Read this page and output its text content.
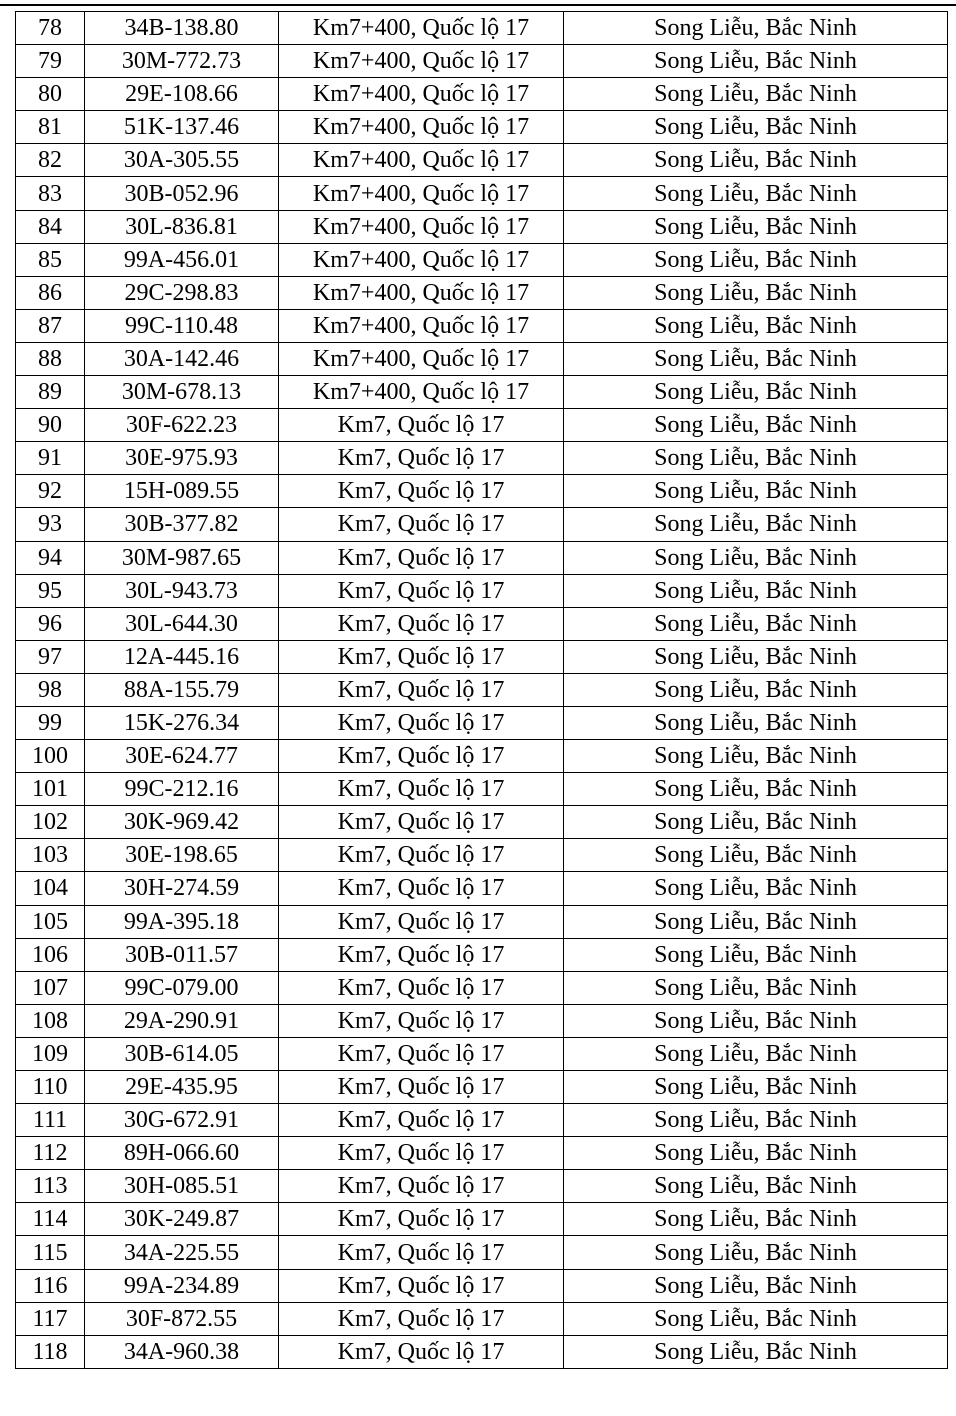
78	34B-138.80	Km7+400, Quốc lộ 17	Song Liễu, Bắc Ninh
79	30M-772.73	Km7+400, Quốc lộ 17	Song Liễu, Bắc Ninh
80	29E-108.66	Km7+400, Quốc lộ 17	Song Liễu, Bắc Ninh
81	51K-137.46	Km7+400, Quốc lộ 17	Song Liễu, Bắc Ninh
82	30A-305.55	Km7+400, Quốc lộ 17	Song Liễu, Bắc Ninh
83	30B-052.96	Km7+400, Quốc lộ 17	Song Liễu, Bắc Ninh
84	30L-836.81	Km7+400, Quốc lộ 17	Song Liễu, Bắc Ninh
85	99A-456.01	Km7+400, Quốc lộ 17	Song Liễu, Bắc Ninh
86	29C-298.83	Km7+400, Quốc lộ 17	Song Liễu, Bắc Ninh
87	99C-110.48	Km7+400, Quốc lộ 17	Song Liễu, Bắc Ninh
88	30A-142.46	Km7+400, Quốc lộ 17	Song Liễu, Bắc Ninh
89	30M-678.13	Km7+400, Quốc lộ 17	Song Liễu, Bắc Ninh
90	30F-622.23	Km7, Quốc lộ 17	Song Liễu, Bắc Ninh
91	30E-975.93	Km7, Quốc lộ 17	Song Liễu, Bắc Ninh
92	15H-089.55	Km7, Quốc lộ 17	Song Liễu, Bắc Ninh
93	30B-377.82	Km7, Quốc lộ 17	Song Liễu, Bắc Ninh
94	30M-987.65	Km7, Quốc lộ 17	Song Liễu, Bắc Ninh
95	30L-943.73	Km7, Quốc lộ 17	Song Liễu, Bắc Ninh
96	30L-644.30	Km7, Quốc lộ 17	Song Liễu, Bắc Ninh
97	12A-445.16	Km7, Quốc lộ 17	Song Liễu, Bắc Ninh
98	88A-155.79	Km7, Quốc lộ 17	Song Liễu, Bắc Ninh
99	15K-276.34	Km7, Quốc lộ 17	Song Liễu, Bắc Ninh
100	30E-624.77	Km7, Quốc lộ 17	Song Liễu, Bắc Ninh
101	99C-212.16	Km7, Quốc lộ 17	Song Liễu, Bắc Ninh
102	30K-969.42	Km7, Quốc lộ 17	Song Liễu, Bắc Ninh
103	30E-198.65	Km7, Quốc lộ 17	Song Liễu, Bắc Ninh
104	30H-274.59	Km7, Quốc lộ 17	Song Liễu, Bắc Ninh
105	99A-395.18	Km7, Quốc lộ 17	Song Liễu, Bắc Ninh
106	30B-011.57	Km7, Quốc lộ 17	Song Liễu, Bắc Ninh
107	99C-079.00	Km7, Quốc lộ 17	Song Liễu, Bắc Ninh
108	29A-290.91	Km7, Quốc lộ 17	Song Liễu, Bắc Ninh
109	30B-614.05	Km7, Quốc lộ 17	Song Liễu, Bắc Ninh
110	29E-435.95	Km7, Quốc lộ 17	Song Liễu, Bắc Ninh
111	30G-672.91	Km7, Quốc lộ 17	Song Liễu, Bắc Ninh
112	89H-066.60	Km7, Quốc lộ 17	Song Liễu, Bắc Ninh
113	30H-085.51	Km7, Quốc lộ 17	Song Liễu, Bắc Ninh
114	30K-249.87	Km7, Quốc lộ 17	Song Liễu, Bắc Ninh
115	34A-225.55	Km7, Quốc lộ 17	Song Liễu, Bắc Ninh
116	99A-234.89	Km7, Quốc lộ 17	Song Liễu, Bắc Ninh
117	30F-872.55	Km7, Quốc lộ 17	Song Liễu, Bắc Ninh
118	34A-960.38	Km7, Quốc lộ 17	Song Liễu, Bắc Ninh
